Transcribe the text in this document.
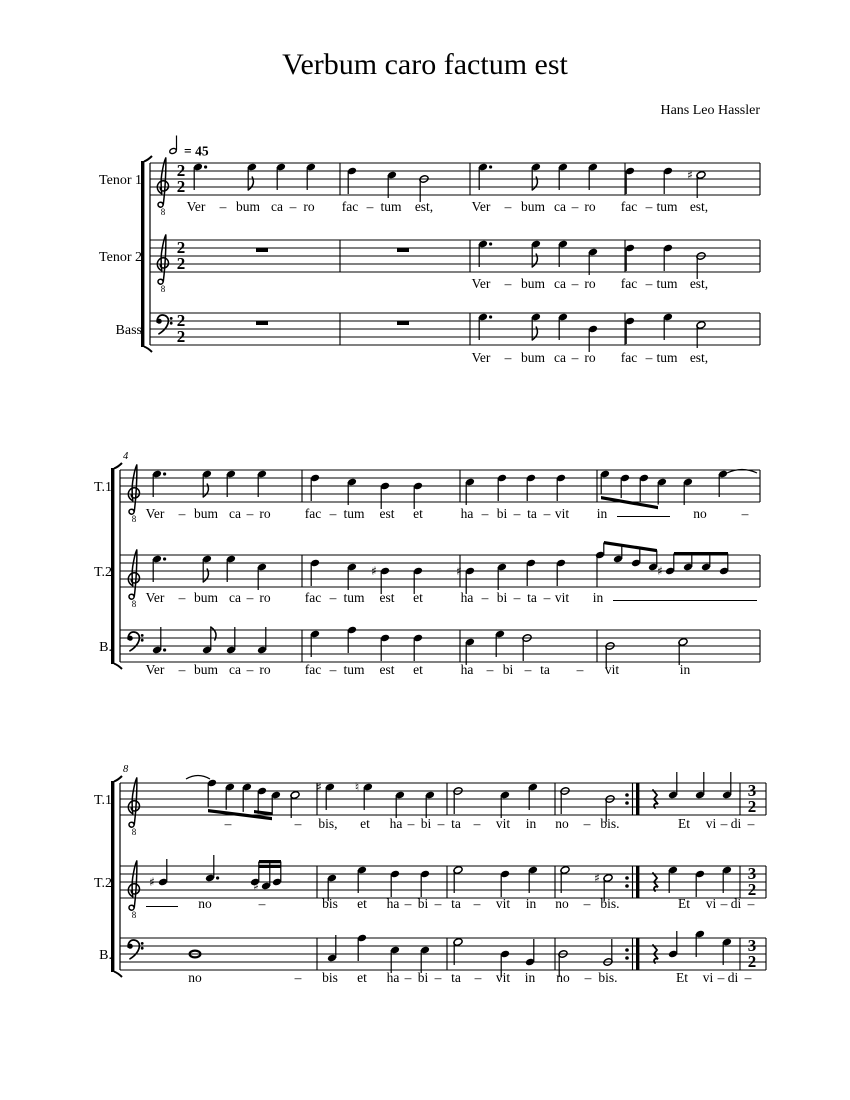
Verbum caro factum est
Hans Leo Hassler
8
2
2
Tenor 1	♯
Ver – bum ca – ro fac – tum est,	Ver – bum ca – ro fac – tum est,
8
2
2
Tenor 2
Ver – bum ca – ro fac – tum est,
2
2
Bass
Ver – bum ca – ro fac – tum est,
4
8
T.1
Ver – bum ca – ro	fac – tum est et	ha – bi – ta – vit in	no	–
8
T.2	♯	♯	♯
Ver – bum ca – ro	fac – tum est et	ha – bi – ta – vit in
B.
Ver – bum ca – ro	fac – tum est et	ha – bi – ta – vit	in
8
8
T.1
♯	♮	3
2
–	– bis, et ha – bi – ta – vit in no – bis.	Et vi – di –
8
T.2	♯	♯
♯	3
2
no	–	bis et ha – bi – ta – vit in no – bis.	Et vi – di –
B.
3
2
no	– bis et ha – bi – ta – vit in no – bis.	Et vi – di –
= 45
